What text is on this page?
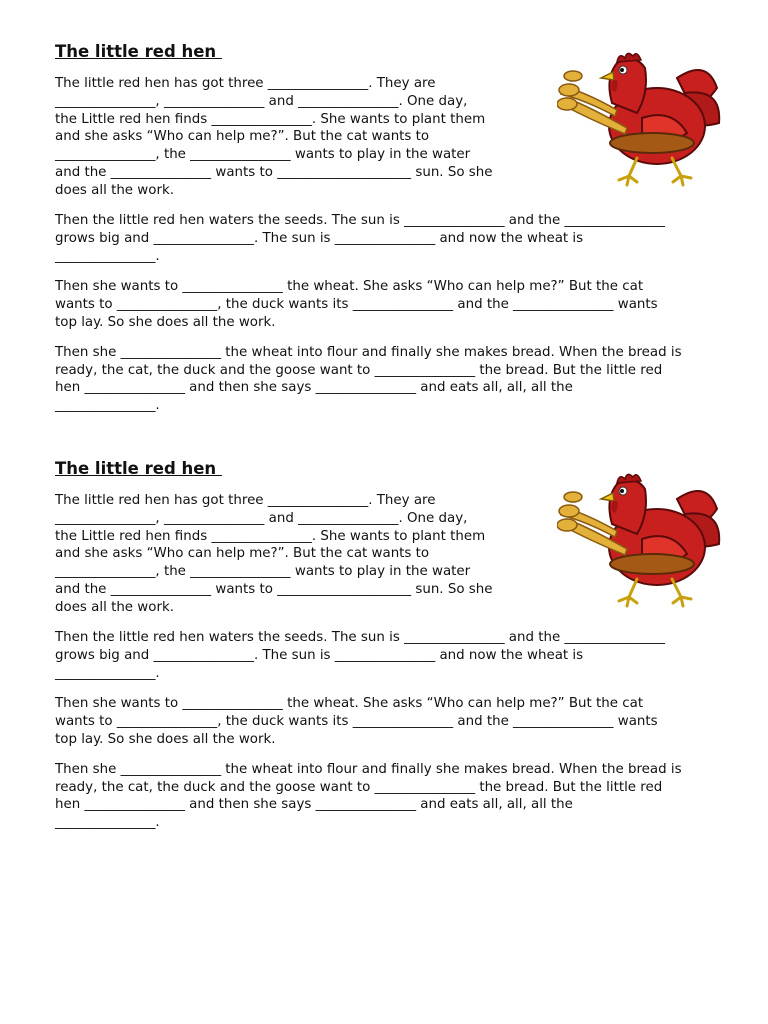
The little red hen
The little red hen has got three _______________. They are
_______________, _______________ and _______________. One day,
the Little red hen finds _______________. She wants to plant them
and she asks “Who can help me?”. But the cat wants to
_______________, the _______________ wants to play in the water
and the _______________ wants to ____________________ sun. So she
does all the work.
Then the little red hen waters the seeds. The sun is _______________ and the _______________
grows big and _______________. The sun is _______________ and now the wheat is
_______________.
Then she wants to _______________ the wheat. She asks “Who can help me?” But the cat
wants to _______________, the duck wants its _______________ and the _______________ wants
top lay. So she does all the work.
Then she _______________ the wheat into flour and finally she makes bread. When the bread is
ready, the cat, the duck and the goose want to _______________ the bread. But the little red
hen _______________ and then she says _______________ and eats all, all, all the
_______________.
The little red hen
The little red hen has got three _______________. They are
_______________, _______________ and _______________. One day,
the Little red hen finds _______________. She wants to plant them
and she asks “Who can help me?”. But the cat wants to
_______________, the _______________ wants to play in the water
and the _______________ wants to ____________________ sun. So she
does all the work.
Then the little red hen waters the seeds. The sun is _______________ and the _______________
grows big and _______________. The sun is _______________ and now the wheat is
_______________.
Then she wants to _______________ the wheat. She asks “Who can help me?” But the cat
wants to _______________, the duck wants its _______________ and the _______________ wants
top lay. So she does all the work.
Then she _______________ the wheat into flour and finally she makes bread. When the bread is
ready, the cat, the duck and the goose want to _______________ the bread. But the little red
hen _______________ and then she says _______________ and eats all, all, all the
_______________.
